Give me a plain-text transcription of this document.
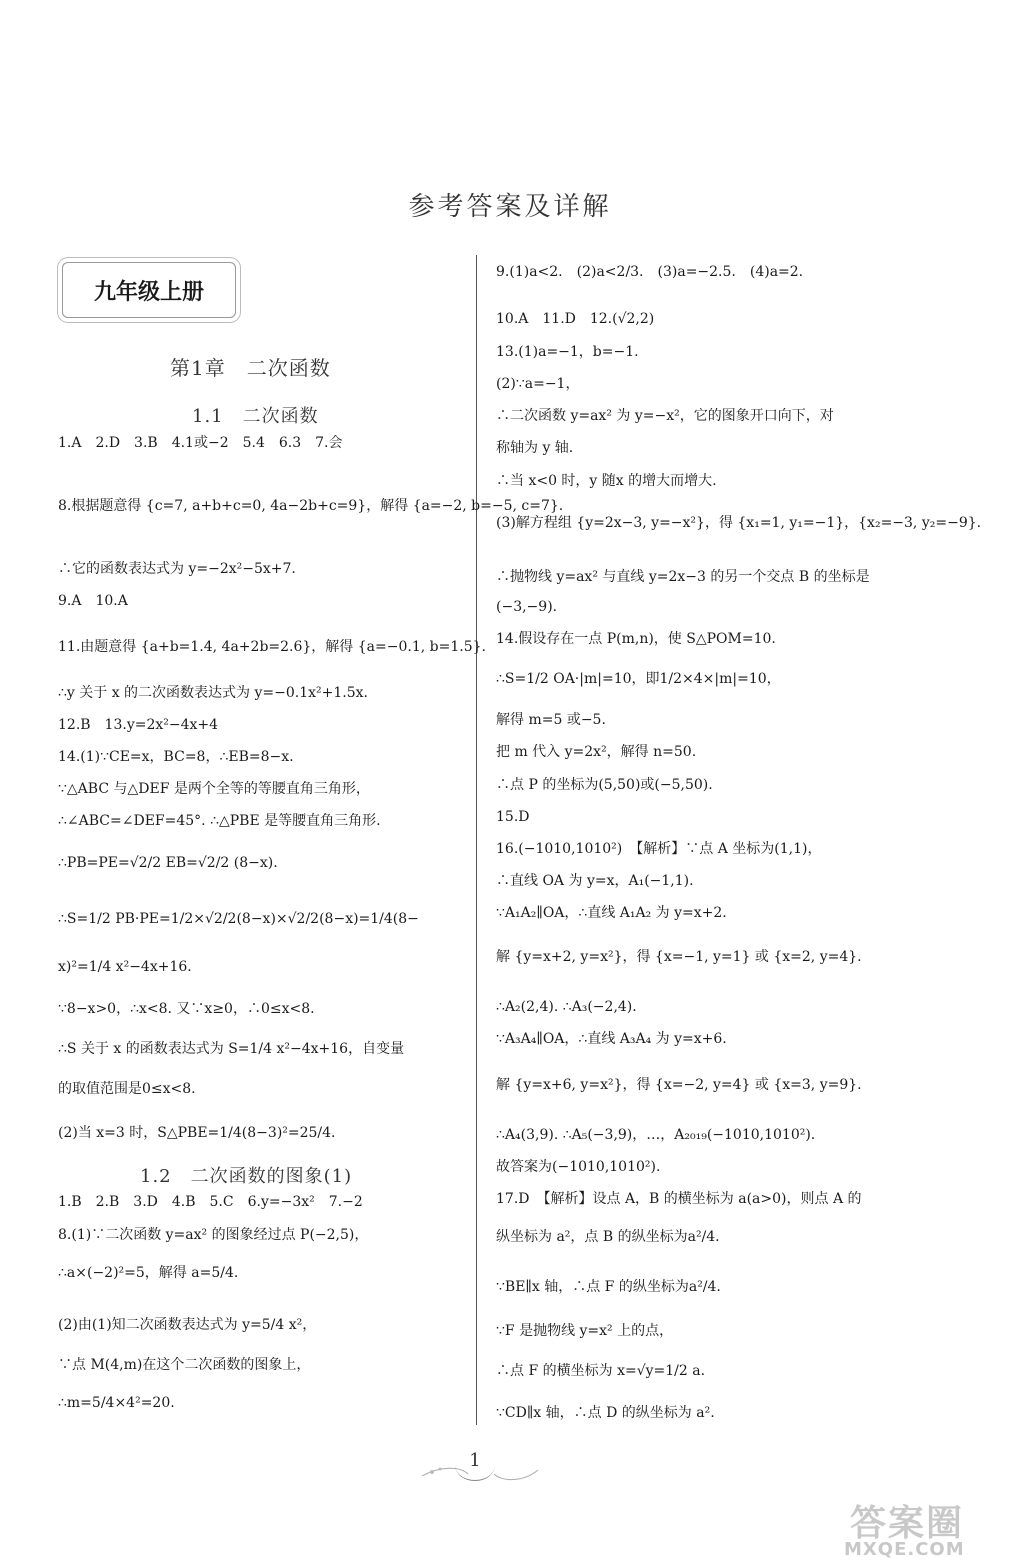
参考答案及详解
九年级上册
第1章　二次函数
1.1　二次函数
1.A　2.D　3.B　4.1或−2　5.4　6.3　7.会
8.根据题意得 {c=7, a+b+c=0, 4a−2b+c=9}，解得 {a=−2, b=−5, c=7}.
∴它的函数表达式为 y=−2x²−5x+7.
9.A　10.A
11.由题意得 {a+b=1.4, 4a+2b=2.6}，解得 {a=−0.1, b=1.5}.
∴y 关于 x 的二次函数表达式为 y=−0.1x²+1.5x.
12.B　13.y=2x²−4x+4
14.(1)∵CE=x，BC=8，∴EB=8−x.
∵△ABC 与△DEF 是两个全等的等腰直角三角形，
∴∠ABC=∠DEF=45°. ∴△PBE 是等腰直角三角形.
∴PB=PE=√2/2 EB=√2/2 (8−x).
∴S=1/2 PB·PE=1/2×√2/2(8−x)×√2/2(8−x)=1/4(8−
x)²=1/4 x²−4x+16.
∵8−x>0，∴x<8. 又∵x≥0，∴0≤x<8.
∴S 关于 x 的函数表达式为 S=1/4 x²−4x+16，自变量
的取值范围是0≤x<8.
(2)当 x=3 时，S△PBE=1/4(8−3)²=25/4.
1.2　二次函数的图象(1)
1.B　2.B　3.D　4.B　5.C　6.y=−3x²　7.−2
8.(1)∵二次函数 y=ax² 的图象经过点 P(−2,5)，
∴a×(−2)²=5，解得 a=5/4.
(2)由(1)知二次函数表达式为 y=5/4 x²，
∵点 M(4,m)在这个二次函数的图象上，
∴m=5/4×4²=20.
9.(1)a<2.　(2)a<2/3.　(3)a=−2.5.　(4)a=2.
10.A　11.D　12.(√2,2)
13.(1)a=−1，b=−1.
(2)∵a=−1，
∴二次函数 y=ax² 为 y=−x²，它的图象开口向下，对
称轴为 y 轴.
∴当 x<0 时，y 随x 的增大而增大.
(3)解方程组 {y=2x−3, y=−x²}，得 {x₁=1, y₁=−1}，{x₂=−3, y₂=−9}.
∴抛物线 y=ax² 与直线 y=2x−3 的另一个交点 B 的坐标是
(−3,−9).
14.假设存在一点 P(m,n)，使 S△POM=10.
∴S=1/2 OA·|m|=10，即1/2×4×|m|=10，
解得 m=5 或−5.
把 m 代入 y=2x²，解得 n=50.
∴点 P 的坐标为(5,50)或(−5,50).
15.D
16.(−1010,1010²)　【解析】∵点 A 坐标为(1,1)，
∴直线 OA 为 y=x，A₁(−1,1).
∵A₁A₂∥OA，∴直线 A₁A₂ 为 y=x+2.
解 {y=x+2, y=x²}，得 {x=−1, y=1} 或 {x=2, y=4}.
∴A₂(2,4). ∴A₃(−2,4).
∵A₃A₄∥OA，∴直线 A₃A₄ 为 y=x+6.
解 {y=x+6, y=x²}，得 {x=−2, y=4} 或 {x=3, y=9}.
∴A₄(3,9). ∴A₅(−3,9)，…，A₂₀₁₉(−1010,1010²).
故答案为(−1010,1010²).
17.D　【解析】设点 A，B 的横坐标为 a(a>0)，则点 A 的
纵坐标为 a²，点 B 的纵坐标为a²/4.
∵BE∥x 轴，∴点 F 的纵坐标为a²/4.
∵F 是抛物线 y=x² 上的点，
∴点 F 的横坐标为 x=√y=1/2 a.
∵CD∥x 轴，∴点 D 的纵坐标为 a².
1
答案圈
MXQE.COM
